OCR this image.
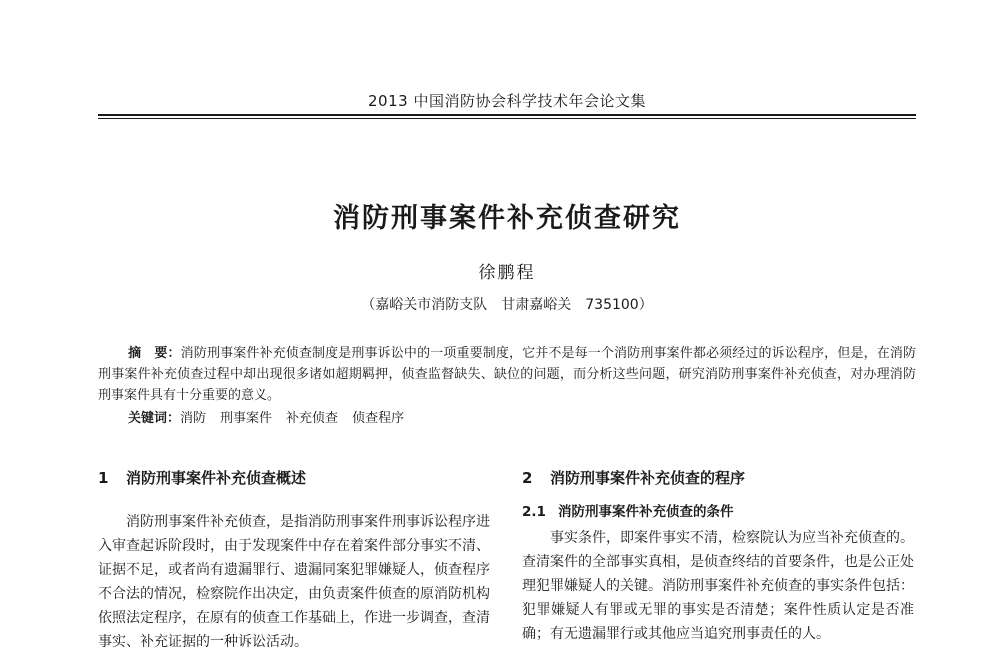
2013 中国消防协会科学技术年会论文集
消防刑事案件补充侦查研究
徐鹏程
（嘉峪关市消防支队　甘肃嘉峪关　735100）

摘　要：消防刑事案件补充侦查制度是刑事诉讼中的一项重要制度，它并不是每一个消防刑事案件都必须经过的诉讼程序，但是，在消防刑事案件补充侦查过程中却出现很多诸如超期羁押，侦查监督缺失、缺位的问题，而分析这些问题，研究消防刑事案件补充侦查，对办理消防刑事案件具有十分重要的意义。

关键词：消防 刑事案件 补充侦查 侦查程序

1 消防刑事案件补充侦查概述

消防刑事案件补充侦查，是指消防刑事案件刑事诉讼程序进入审查起诉阶段时，由于发现案件中存在着案件部分事实不清、证据不足，或者尚有遗漏罪行、遗漏同案犯罪嫌疑人，侦查程序不合法的情况，检察院作出决定，由负责案件侦查的原消防机构依照法定程序，在原有的侦查工作基础上，作进一步调查，查清事实、补充证据的一种诉讼活动。

2 消防刑事案件补充侦查的程序
2.1 消防刑事案件补充侦查的条件

事实条件，即案件事实不清，检察院认为应当补充侦查的。查清案件的全部事实真相，是侦查终结的首要条件，也是公正处理犯罪嫌疑人的关键。消防刑事案件补充侦查的事实条件包括：犯罪嫌疑人有罪或无罪的事实是否清楚；案件性质认定是否准确；有无遗漏罪行或其他应当追究刑事责任的人。
